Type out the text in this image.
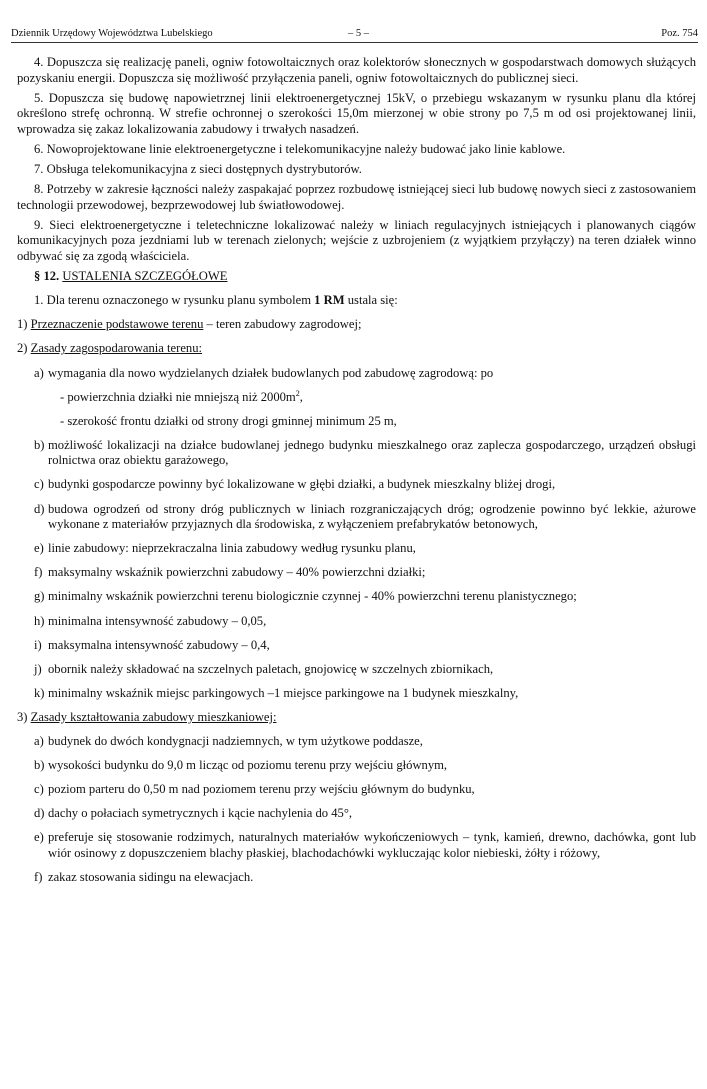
Dziennik Urzędowy Województwa Lubelskiego	– 5 –	Poz. 754

4. Dopuszcza się realizację paneli, ogniw fotowoltaicznych oraz kolektorów słonecznych w gospodarstwach domowych służących pozyskaniu energii. Dopuszcza się możliwość przyłączenia paneli, ogniw fotowoltaicznych do publicznej sieci.

5. Dopuszcza się budowę napowietrznej linii elektroenergetycznej 15kV, o przebiegu wskazanym w rysunku planu dla której określono strefę ochronną. W strefie ochronnej o szerokości 15,0m mierzonej w obie strony po 7,5 m od osi projektowanej linii, wprowadza się zakaz lokalizowania zabudowy i trwałych nasadzeń.

6. Nowoprojektowane linie elektroenergetyczne i telekomunikacyjne należy budować jako linie kablowe.

7. Obsługa telekomunikacyjna z sieci dostępnych dystrybutorów.

8. Potrzeby w zakresie łączności należy zaspakajać poprzez rozbudowę istniejącej sieci lub budowę nowych sieci z zastosowaniem technologii przewodowej, bezprzewodowej lub światłowodowej.

9. Sieci elektroenergetyczne i teletechniczne lokalizować należy w liniach regulacyjnych istniejących i planowanych ciągów komunikacyjnych poza jezdniami lub w terenach zielonych; wejście z uzbrojeniem (z wyjątkiem przyłączy) na teren działek winno odbywać się za zgodą właściciela.

§ 12. USTALENIA SZCZEGÓŁOWE

1. Dla terenu oznaczonego w rysunku planu symbolem 1 RM ustala się:

1) Przeznaczenie podstawowe terenu – teren zabudowy zagrodowej;

2) Zasady zagospodarowania terenu:

a) wymagania dla nowo wydzielanych działek budowlanych pod zabudowę zagrodową: po

- powierzchnia działki nie mniejszą niż $2000m^2$,

- szerokość frontu działki od strony drogi gminnej minimum 25 m,

b) możliwość lokalizacji na działce budowlanej jednego budynku mieszkalnego oraz zaplecza gospodarczego, urządzeń obsługi rolnictwa oraz obiektu garażowego,
c) budynki gospodarcze powinny być lokalizowane w głębi działki, a budynek mieszkalny bliżej drogi,
d) budowa ogrodzeń od strony dróg publicznych w liniach rozgraniczających dróg; ogrodzenie powinno być lekkie, ażurowe wykonane z materiałów przyjaznych dla środowiska, z wyłączeniem prefabrykatów betonowych,
e) linie zabudowy: nieprzekraczalna linia zabudowy według rysunku planu,
f) maksymalny wskaźnik powierzchni zabudowy – 40% powierzchni działki;
g) minimalny wskaźnik powierzchni terenu biologicznie czynnej - 40% powierzchni terenu planistycznego;
h) minimalna intensywność zabudowy – 0,05,
i) maksymalna intensywność zabudowy – 0,4,
j) obornik należy składować na szczelnych paletach, gnojowicę w szczelnych zbiornikach,
k) minimalny wskaźnik miejsc parkingowych –1 miejsce parkingowe na 1 budynek mieszkalny,

3) Zasady kształtowania zabudowy mieszkaniowej:

a) budynek do dwóch kondygnacji nadziemnych, w tym użytkowe poddasze,
b) wysokości budynku do 9,0 m licząc od poziomu terenu przy wejściu głównym,
c) poziom parteru do 0,50 m nad poziomem terenu przy wejściu głównym do budynku,
d) dachy o połaciach symetrycznych i kącie nachylenia do 45°,
e) preferuje się stosowanie rodzimych, naturalnych materiałów wykończeniowych – tynk, kamień, drewno, dachówka, gont lub wiór osinowy z dopuszczeniem blachy płaskiej, blachodachówki wykluczając kolor niebieski, żółty i różowy,
f) zakaz stosowania sidingu na elewacjach.
